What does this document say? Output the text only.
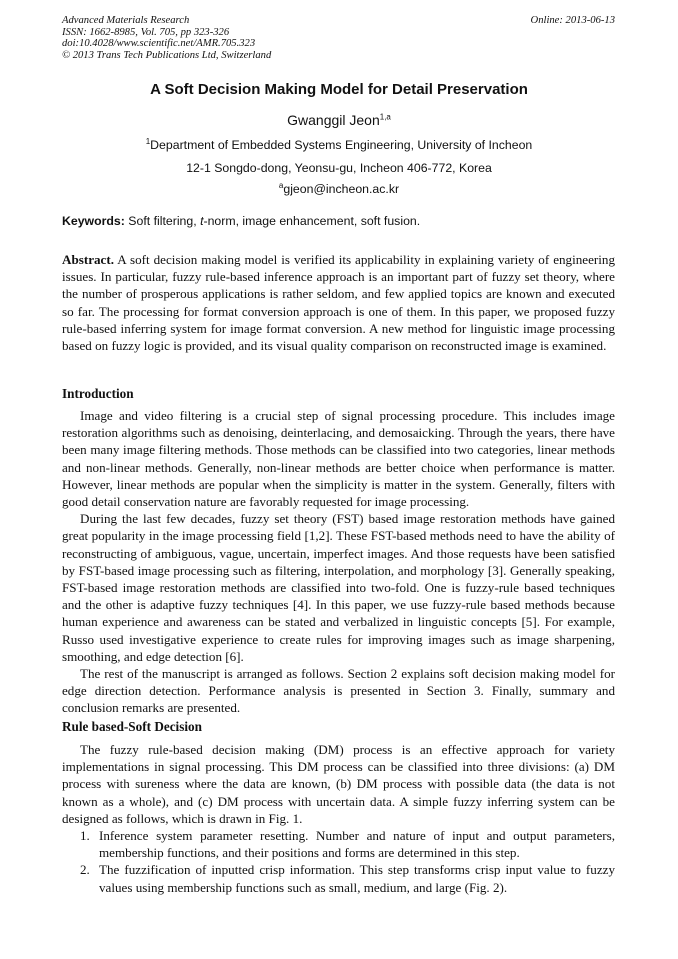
Advanced Materials Research
ISSN: 1662-8985, Vol. 705, pp 323-326
doi:10.4028/www.scientific.net/AMR.705.323
© 2013 Trans Tech Publications Ltd, Switzerland
Online: 2013-06-13
A Soft Decision Making Model for Detail Preservation
Gwanggil Jeon$^{1,a}$
$^1$Department of Embedded Systems Engineering, University of Incheon
12-1 Songdo-dong, Yeonsu-gu, Incheon 406-772, Korea
$^a$gjeon@incheon.ac.kr
Keywords: Soft filtering, t-norm, image enhancement, soft fusion.
Abstract. A soft decision making model is verified its applicability in explaining variety of engineering issues. In particular, fuzzy rule-based inference approach is an important part of fuzzy set theory, where the number of prosperous applications is rather seldom, and few applied topics are known and executed so far. The processing for format conversion approach is one of them. In this paper, we proposed fuzzy rule-based inferring system for image format conversion. A new method for linguistic image processing based on fuzzy logic is provided, and its visual quality comparison on reconstructed image is examined.
Introduction

Image and video filtering is a crucial step of signal processing procedure. This includes image restoration algorithms such as denoising, deinterlacing, and demosaicking. Through the years, there have been many image filtering methods. Those methods can be classified into two categories, linear methods and non-linear methods. Generally, non-linear methods are better choice when performance is matter. However, linear methods are popular when the simplicity is matter in the system. Generally, filters with good detail conservation nature are favorably requested for image processing.

During the last few decades, fuzzy set theory (FST) based image restoration methods have gained great popularity in the image processing field [1,2]. These FST-based methods need to have the ability of reconstructing of ambiguous, vague, uncertain, imperfect images. And those requests have been satisfied by FST-based image processing such as filtering, interpolation, and morphology [3]. Generally speaking, FST-based image restoration methods are classified into two-fold. One is fuzzy-rule based techniques and the other is adaptive fuzzy techniques [4]. In this paper, we use fuzzy-rule based methods because human experience and awareness can be stated and verbalized in linguistic concepts [5]. For example, Russo used investigative experience to create rules for improving images such as image sharpening, smoothing, and edge detection [6].

The rest of the manuscript is arranged as follows. Section 2 explains soft decision making model for edge direction detection. Performance analysis is presented in Section 3. Finally, summary and conclusion remarks are presented.

Rule based-Soft Decision

The fuzzy rule-based decision making (DM) process is an effective approach for variety implementations in signal processing. This DM process can be classified into three divisions: (a) DM process with sureness where the data are known, (b) DM process with possible data (the data is not known as a whole), and (c) DM process with uncertain data. A simple fuzzy inferring system can be designed as follows, which is drawn in Fig. 1.

1. Inference system parameter resetting. Number and nature of input and output parameters, membership functions, and their positions and forms are determined in this step.
2. The fuzzification of inputted crisp information. This step transforms crisp input value to fuzzy values using membership functions such as small, medium, and large (Fig. 2).
